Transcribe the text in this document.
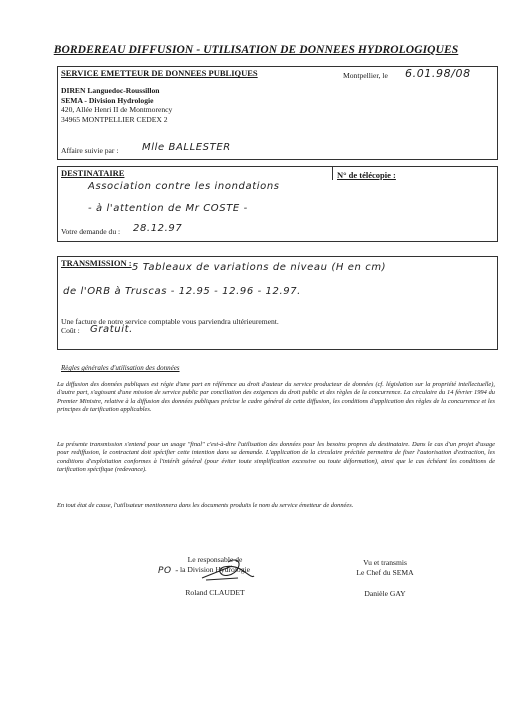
BORDEREAU DIFFUSION - UTILISATION DE DONNEES HYDROLOGIQUES
SERVICE EMETTEUR DE DONNEES PUBLIQUES	Montpellier, le 6.01.98/08
DIREN Languedoc-Roussillon
SEMA - Division Hydrologie
420, Allée Henri II de Montmorency
34965 MONTPELLIER CEDEX 2
Affaire suivie par : Mlle BALLESTER
DESTINATAIRE	N° de télécopie :
Association contre les inondations
- à l'attention de Mr COSTE -
Votre demande du : 28.12.97
TRANSMISSION : 5 Tableaux de variations de niveau (H en cm)
de l'ORB à Truscas - 12.95 - 12.96 - 12.97.
Une facture de notre service comptable vous parviendra ultérieurement.
Coût : Gratuit.
Règles générales d'utilisation des données
La diffusion des données publiques est régie d'une part en référence au droit d'auteur du service producteur de données (cf. législation sur la propriété intellectuelle), d'autre part, s'agissant d'une mission de service public par conciliation des exigences du droit public et des règles de la concurrence. La circulaire du 14 février 1994 du Premier Ministre, relative à la diffusion des données publiques précise le cadre général de cette diffusion, les conditions d'application des règles de la concurrence et les principes de tarification applicables.
La présente transmission s'entend pour un usage "final" c'est-à-dire l'utilisation des données pour les besoins propres du destinataire. Dans le cas d'un projet d'usage pour rediffusion, le contractant doit spécifier cette intention dans sa demande. L'application de la circulaire précitée permettra de fixer l'autorisation d'extraction, les conditions d'exploitation conformes à l'intérêt général (pour éviter toute simplification excessive ou toute déformation), ainsi que le cas échéant les conditions de tarification spécifique (redevance).
En tout état de cause, l'utilisateur mentionnera dans les documents produits le nom du service émetteur de données.
Le responsable de
la Division Hydrologie
PO -
Roland CLAUDET
Vu et transmis
Le Chef du SEMA
Danièle GAY
